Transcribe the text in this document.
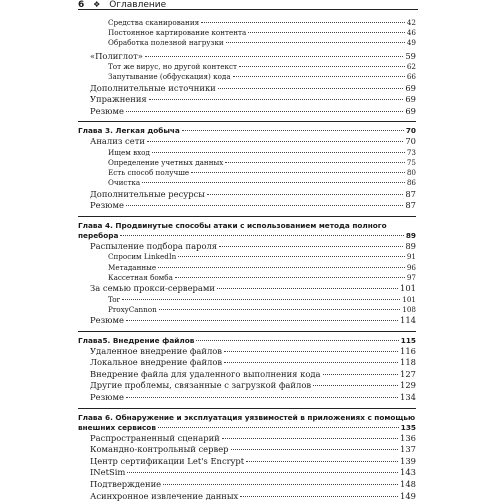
6 ❖ Оглавление
Средства сканирования	42
Постоянное картирование контента	46
Обработка полезной нагрузки	49
«Полиглот»	59
Тот же вирус, но другой контекст	62
Запутывание (обфускация) кода	66
Дополнительные источники	69
Упражнения	69
Резюме	69
Глава 3. Легкая добыча	70
Анализ сети	70
Ищем вход	73
Определение учетных данных	75
Есть способ получше	80
Очистка	86
Дополнительные ресурсы	87
Резюме	87
Глава 4. Продвинутые способы атаки с использованием метода полного
перебора	89
Распыление подбора пароля	89
Спросим LinkedIn	91
Метаданные	96
Кассетная бомба	97
За семью прокси-серверами	101
Tor	101
ProxyCannon	108
Резюме	114
Глава5. Внедрение файлов	115
Удаленное внедрение файлов	116
Локальное внедрение файлов	118
Внедрение файла для удаленного выполнения кода	127
Другие проблемы, связанные с загрузкой файлов	129
Резюме	134
Глава 6. Обнаружение и эксплуатация уязвимостей в приложениях с помощью
внешних сервисов	135
Распространенный сценарий	136
Командно-контрольный сервер	137
Центр сертификации Let's Encrypt	139
INetSim	143
Подтверждение	148
Асинхронное извлечение данных	149
